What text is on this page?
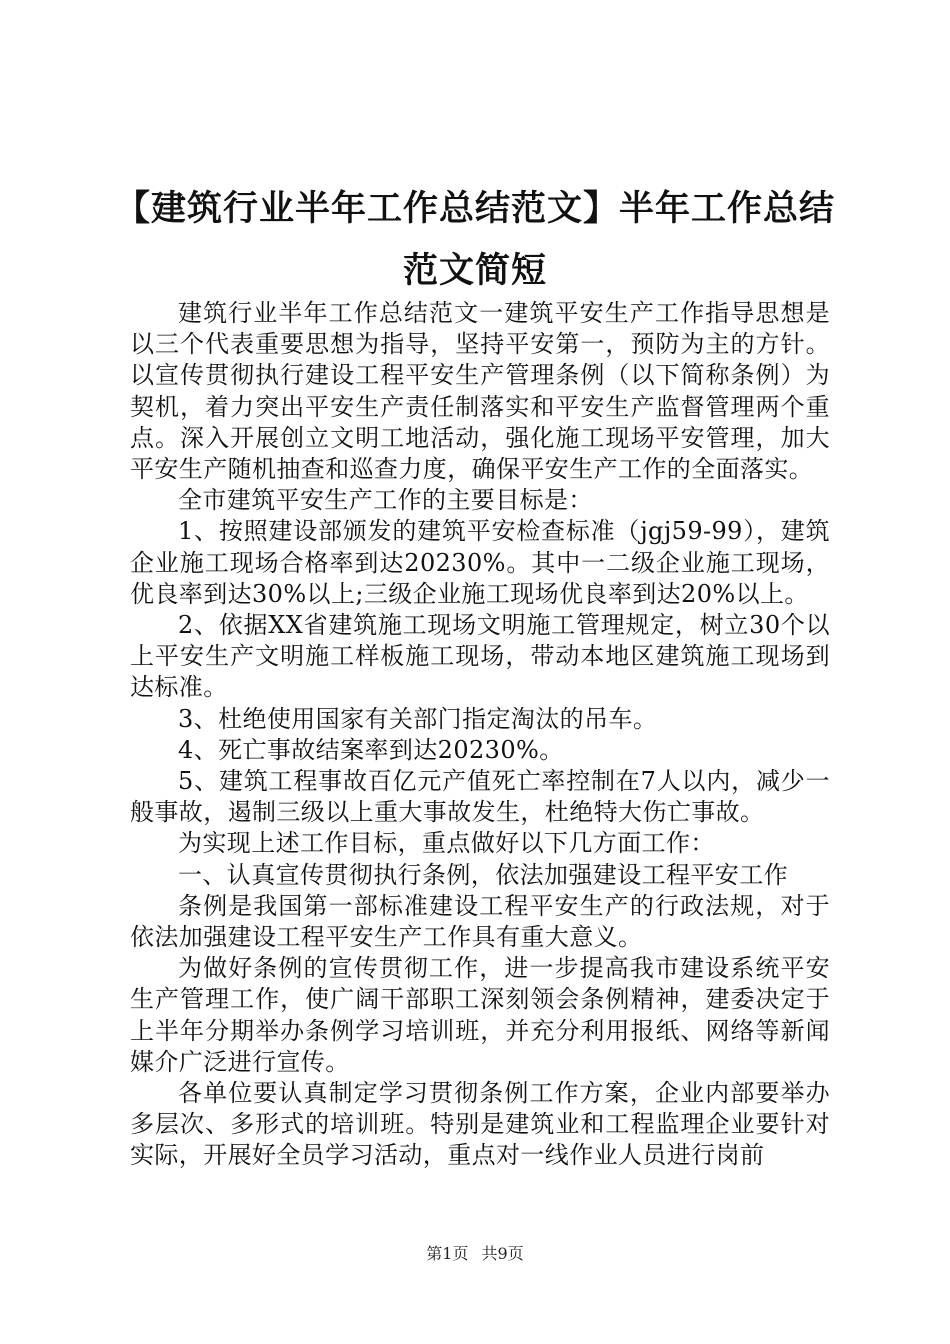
【建筑行业半年工作总结范文】半年工作总结范文简短

建筑行业半年工作总结范文一建筑平安生产工作指导思想是以三个代表重要思想为指导，坚持平安第一，预防为主的方针。以宣传贯彻执行建设工程平安生产管理条例（以下简称条例）为契机，着力突出平安生产责任制落实和平安生产监督管理两个重点。深入开展创立文明工地活动，强化施工现场平安管理，加大平安生产随机抽查和巡查力度，确保平安生产工作的全面落实。

全市建筑平安生产工作的主要目标是：

1、按照建设部颁发的建筑平安检查标准（jgj59-99），建筑企业施工现场合格率到达20230%。其中一二级企业施工现场，优良率到达30%以上;三级企业施工现场优良率到达20%以上。

2、依据XX省建筑施工现场文明施工管理规定，树立30个以上平安生产文明施工样板施工现场，带动本地区建筑施工现场到达标准。

3、杜绝使用国家有关部门指定淘汰的吊车。

4、死亡事故结案率到达20230%。

5、建筑工程事故百亿元产值死亡率控制在7人以内，减少一般事故，遏制三级以上重大事故发生，杜绝特大伤亡事故。

为实现上述工作目标，重点做好以下几方面工作：

一、认真宣传贯彻执行条例，依法加强建设工程平安工作

条例是我国第一部标准建设工程平安生产的行政法规，对于依法加强建设工程平安生产工作具有重大意义。

为做好条例的宣传贯彻工作，进一步提高我市建设系统平安生产管理工作，使广阔干部职工深刻领会条例精神，建委决定于上半年分期举办条例学习培训班，并充分利用报纸、网络等新闻媒介广泛进行宣传。

各单位要认真制定学习贯彻条例工作方案，企业内部要举办多层次、多形式的培训班。特别是建筑业和工程监理企业要针对实际，开展好全员学习活动，重点对一线作业人员进行岗前

第1页 共9页
